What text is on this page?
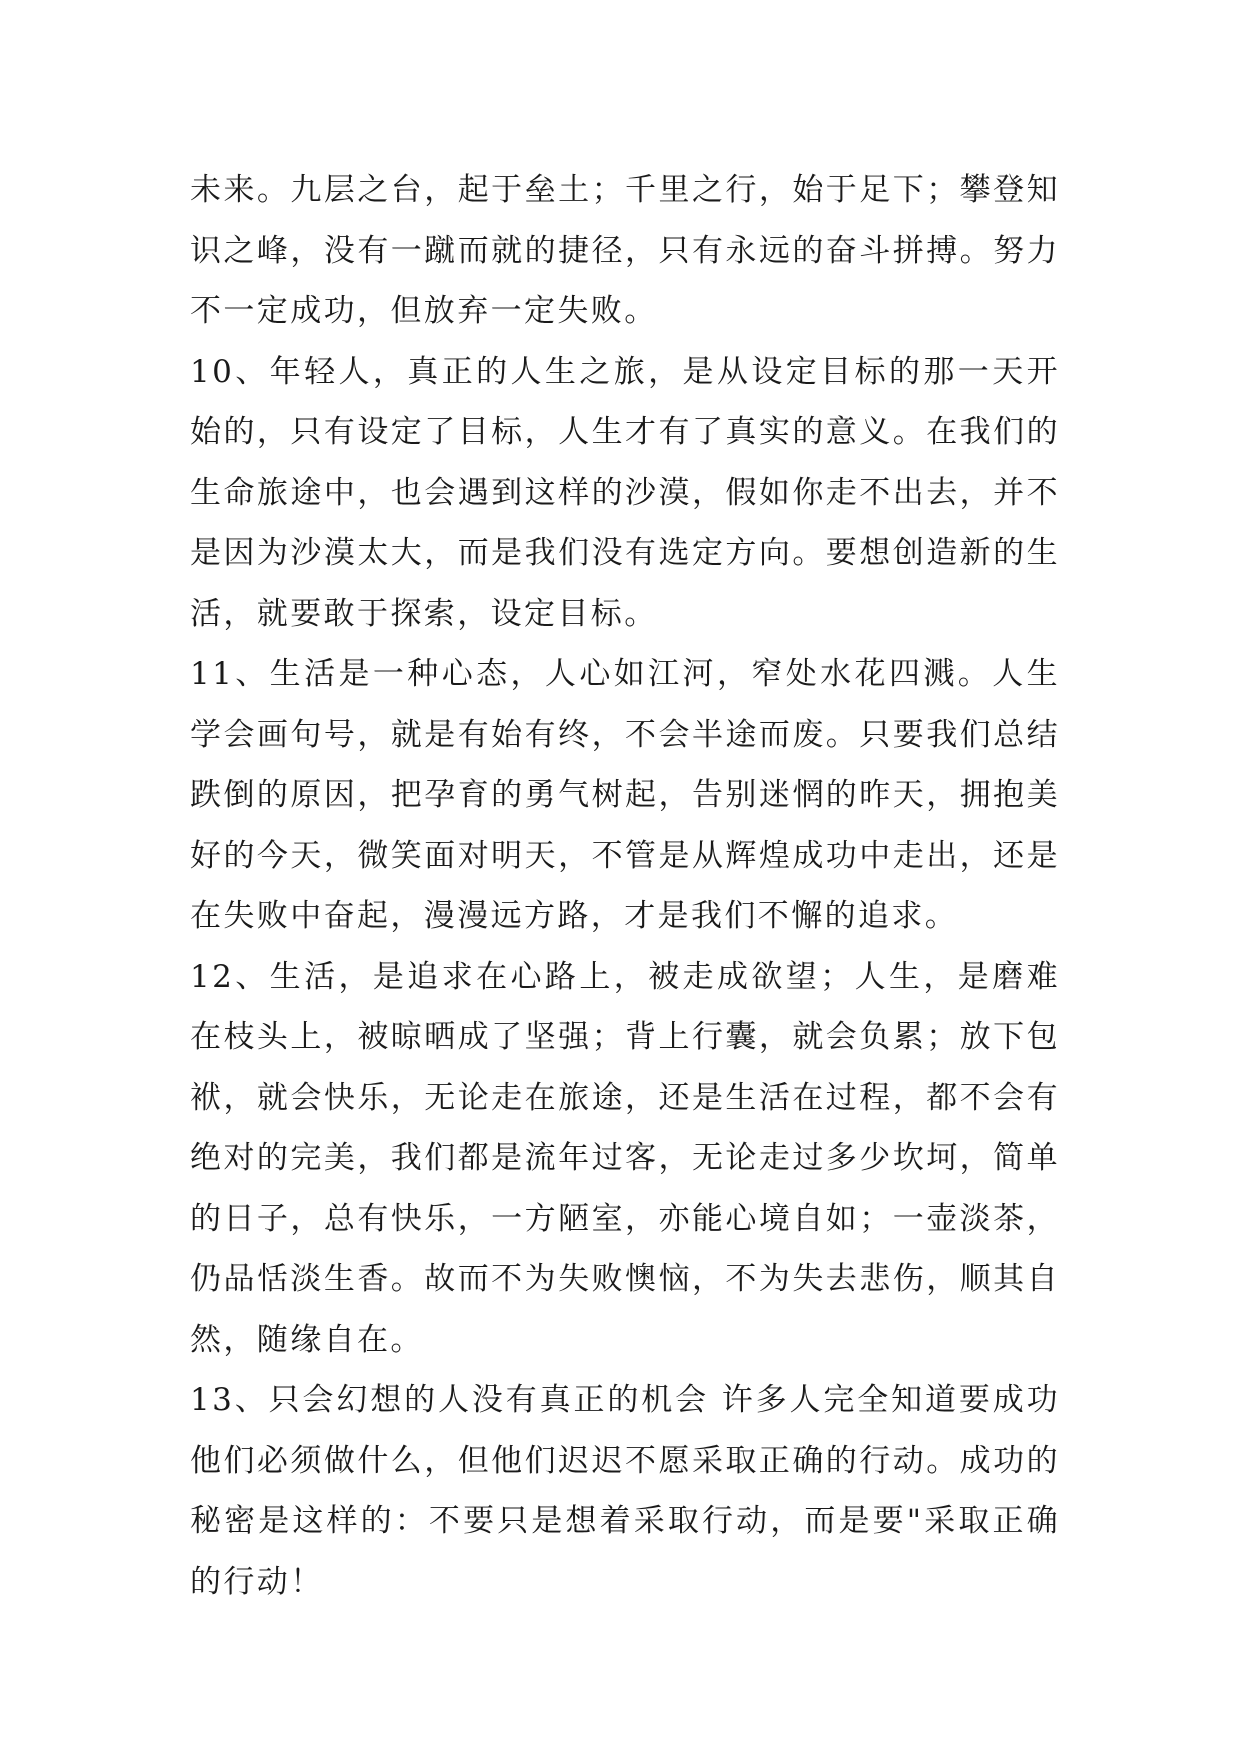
未来。九层之台，起于垒土；千里之行，始于足下；攀登知识之峰，没有一蹴而就的捷径，只有永远的奋斗拼搏。努力不一定成功，但放弃一定失败。

10、年轻人，真正的人生之旅，是从设定目标的那一天开始的，只有设定了目标，人生才有了真实的意义。在我们的生命旅途中，也会遇到这样的沙漠，假如你走不出去，并不是因为沙漠太大，而是我们没有选定方向。要想创造新的生活，就要敢于探索，设定目标。

11、生活是一种心态，人心如江河，窄处水花四溅。人生学会画句号，就是有始有终，不会半途而废。只要我们总结跌倒的原因，把孕育的勇气树起，告别迷惘的昨天，拥抱美好的今天，微笑面对明天，不管是从辉煌成功中走出，还是在失败中奋起，漫漫远方路，才是我们不懈的追求。

12、生活，是追求在心路上，被走成欲望；人生，是磨难在枝头上，被晾晒成了坚强；背上行囊，就会负累；放下包袱，就会快乐，无论走在旅途，还是生活在过程，都不会有绝对的完美，我们都是流年过客，无论走过多少坎坷，简单的日子，总有快乐，一方陋室，亦能心境自如；一壶淡茶，仍品恬淡生香。故而不为失败懊恼，不为失去悲伤，顺其自然，随缘自在。

13、只会幻想的人没有真正的机会 许多人完全知道要成功他们必须做什么，但他们迟迟不愿采取正确的行动。成功的秘密是这样的：不要只是想着采取行动，而是要"采取正确的行动！
